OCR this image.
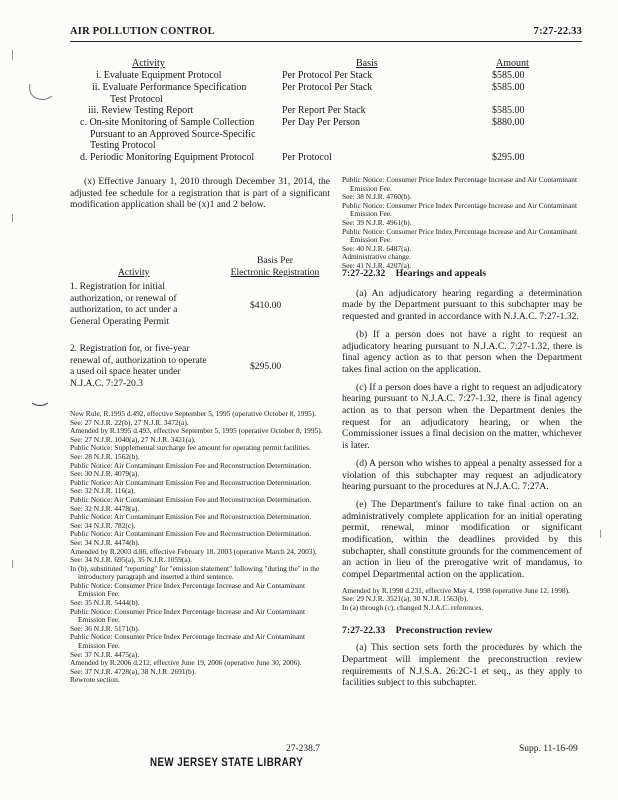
AIR POLLUTION CONTROL	7:27-22.33
Activity	Basis	Amount
i. Evaluate Equipment Protocol	Per Protocol Per Stack	$585.00
ii. Evaluate Performance Specification
Test Protocol
Per Protocol Per Stack	$585.00
iii. Review Testing Report	Per Report Per Stack	$585.00
c. On-site Monitoring of Sample Collection
Pursuant to an Approved Source-Specific
Testing Protocol
Per Day Per Person	$880.00
d. Periodic Monitoring Equipment Protocol	Per Protocol	$295.00

(x) Effective January 1, 2010 through December 31, 2014, the adjusted fee schedule for a registration that is part of a significant modification application shall be (x)1 and 2 below.

Basis Per
Activity	Electronic Registration
1. Registration for initial authorization, or renewal of authorization, to act under a General Operating Permit
$410.00
2. Registration for, or five-year renewal of, authorization to operate a used oil space heater under N.J.A.C. 7:27-20.3
$295.00
New Rule, R.1995 d.492, effective September 5, 1995 (operative October 8, 1995).
See: 27 N.J.R. 22(b), 27 N.J.R. 3472(a).
Amended by R.1995 d.493, effective September 5, 1995 (operative October 8, 1995).
See: 27 N.J.R. 1040(a), 27 N.J.R. 3421(a).
Public Notice: Supplemental surcharge fee amount for operating permit facilities.
See: 28 N.J.R. 1562(b).
Public Notice: Air Contaminant Emission Fee and Reconstruction Determination.
See: 30 N.J.R. 4079(a).
Public Notice: Air Contaminant Emission Fee and Reconstruction Determination.
See: 32 N.J.R. 116(a).
Public Notice: Air Contaminant Emission Fee and Reconstruction Determination.
See: 32 N.J.R. 4478(a).
Public Notice: Air Contaminant Emission Fee and Reconstruction Determination.
See: 34 N.J.R. 782(c).
Public Notice: Air Contaminant Emission Fee and Reconstruction Determination.
See: 34 N.J.R. 4474(b).
Amended by R.2003 d.86, effective February 18, 2003 (operative March 24, 2003).
See: 34 N.J.R. 695(a), 35 N.J.R. 1059(a).
In (b), substituted "reporting" for "emission statement" following "during the" in the introductory paragraph and inserted a third sentence.
Public Notice: Consumer Price Index Percentage Increase and Air Contaminant Emission Fee.
See: 35 N.J.R. 5444(b).
Public Notice: Consumer Price Index Percentage Increase and Air Contaminant Emission Fee.
See: 36 N.J.R. 5171(b).
Public Notice: Consumer Price Index Percentage Increase and Air Contaminant Emission Fee.
See: 37 N.J.R. 4475(a).
Amended by R.2006 d.212, effective June 19, 2006 (operative June 30, 2006).
See: 37 N.J.R. 4728(a), 38 N.J.R. 2691(b).
Rewrote section.
Public Notice: Consumer Price Index Percentage Increase and Air Contaminant Emission Fee.
See: 38 N.J.R. 4760(b).
Public Notice: Consumer Price Index Percentage Increase and Air Contaminant Emission Fee.
See: 39 N.J.R. 4961(b).
Public Notice: Consumer Price Index Percentage Increase and Air Contaminant Emission Fee.
See: 40 N.J.R. 6487(a).
Administrative change.
See: 41 N.J.R. 4207(a).
7:27-22.32 Hearings and appeals

(a) An adjudicatory hearing regarding a determination made by the Department pursuant to this subchapter may be requested and granted in accordance with N.J.A.C. 7:27-1.32.

(b) If a person does not have a right to request an adjudicatory hearing pursuant to N.J.A.C. 7:27-1.32, there is final agency action as to that person when the Department takes final action on the application.

(c) If a person does have a right to request an adjudicatory hearing pursuant to N.J.A.C. 7:27-1.32, there is final agency action as to that person when the Department denies the request for an adjudicatory hearing, or when the Commissioner issues a final decision on the matter, whichever is later.

(d) A person who wishes to appeal a penalty assessed for a violation of this subchapter may request an adjudicatory hearing pursuant to the procedures at N.J.A.C. 7:27A.

(e) The Department's failure to take final action on an administratively complete application for an initial operating permit, renewal, minor modification or significant modification, within the deadlines provided by this subchapter, shall constitute grounds for the commencement of an action in lieu of the prerogative writ of mandamus, to compel Departmental action on the application.

Amended by R.1998 d.231, effective May 4, 1998 (operative June 12, 1998).
See: 29 N.J.R. 3521(a), 30 N.J.R. 1563(b).
In (a) through (c), changed N.J.A.C. references.
7:27-22.33 Preconstruction review

(a) This section sets forth the procedures by which the Department will implement the preconstruction review requirements of N.J.S.A. 26:2C-1 et seq., as they apply to facilities subject to this subchapter.

27-238.7	Supp. 11-16-09
NEW JERSEY STATE LIBRARY
